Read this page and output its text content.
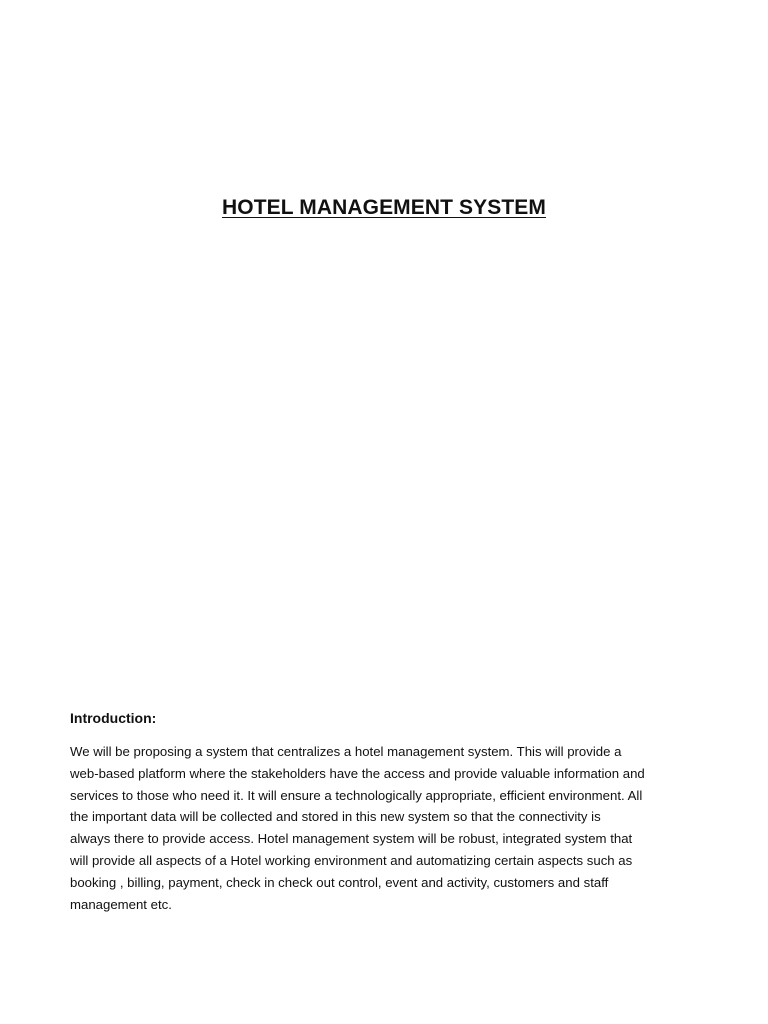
HOTEL MANAGEMENT SYSTEM
Introduction:

We will be proposing a system that centralizes a hotel management system. This will provide a
web-based platform where the stakeholders have the access and provide valuable information and
services to those who need it. It will ensure a technologically appropriate, efficient environment. All
the important data will be collected and stored in this new system so that the connectivity is
always there to provide access. Hotel management system will be robust, integrated system that
will provide all aspects of a Hotel working environment and automatizing certain aspects such as
booking , billing, payment, check in check out control, event and activity, customers and staff
management etc.
